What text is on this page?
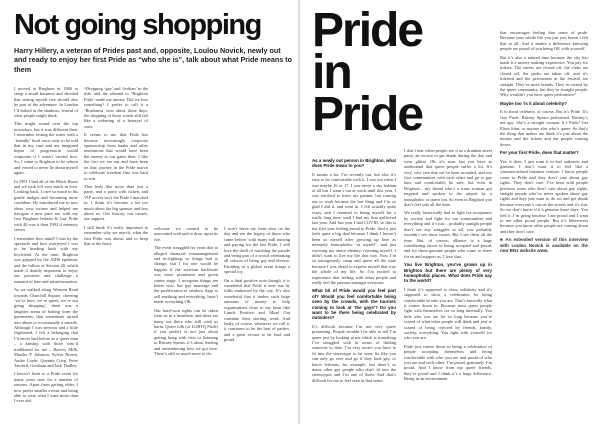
Not going shopping
Harry Hillery, a veteran of Prides past and, opposite, Loulou Novick, newly out and ready to enjoy her first Pride as “who she is”, talk about what Pride means to them

I moved to Brighton in 1986 to setup a small business and decided that setting myself free should also be part of the adventure. In London I’d lurked in the shadows, fearful of what people might think.

This might sound over the top nowadays, but it was different then. I remember testing the water with a ‘friendly’ local once; only to be told that in my case and my imagined hopes of progression would evaporate if I wasn’t careful first. So, I came to Brighton to be reborn and vowed to never lie about myself again.

In 1991 I had all of the Black Horse and we took left very much in love. Looking back, I owe so much to his gentle nudges and becoming more confident. He introduced me to new ideas, new writers and helped me navigate a new pace too with my first Brighton lesbian & Gay Pride with 40 was it then 1992 if memory serves.

I remember how mind! I was by the spectacle and how overjoyed I was to be heading back with my boyfriend. At the time, Brighton was gripped by the AIDS epidemic and the fallout of Section 28, which made it doubly important to enjoy our presence and challenge a tsunami of hate and misinformation.

As we walked along Western Road towards Churchill Square, cheering ‘we’re here, we’re queer, we’re not going shopping’, there was a laughter arena of baiting from the pavements, that sometimes turned into abuse or occasionally a missile. Although I was nervous and a little frightened, I felt a belonging that I’d never had before as a queer man – a kinship with those who’d trailblazed for me – Harvey Milk, Marsha P. Johnson, Sylvia Rivera, Audre Lorde, Quentin Crisp, Peter Tatchell, Gresham and Jack Dudley.

I haven’t been to a Pride event for many years now for a number of reasons. Apart from getting older, I now prefer smaller events and being able to wear what I want more than I ever did.

“Dropping ‘gay’ and ‘lesbian’ in the title, and the rebrand to ‘Brighton Pride’ made me uneasy. Did we lose something? I prefer to call it a ‘Brashness’ now about those days, the dropping of those words still felt like a widening of a betrayal of sorts.

It seems to me that Pride has become increasingly corporate sponsorship from banks and other institutions that would have been the enemy at our gates then. I like the fact we are out and have been on that journey in the Pride march to celebrate freedom that was hard to win.

That feels like more than just a party, and a party with tickets and VIP access isn’t the Pride I marched in. I think it’s become a bit too much about the big sponsor and less about us. Our history, our causes, our support.

I still think it’s really important to remember why we march, what the first Pride was about, and to keep that at the heart.

welcome we wanted to be associated with and to draw upon its fire.

The event struggled for years due to alleged financial mismanagement and in-fighting, so things had to change, but I for one would be happier if the activism backbone was more prominent and given centre stage. I recognise things are better now, but gay marriage and the proliferation of rainbow flags to sell anything and everything, hasn’t made everything OK.

Our hard-won rights can be taken from us in a heartbeat, and there are many out there who still wish us harm. Queer folk (or LGBTQ Pride) if you prefer) is not just about getting hung with fists or listening to Britney Spears, it’s about lending and remembering how we got here. There’s still so much more to do.

I won’t leave my front door on the day and see the legacy of those who came before, with many still nursing and paying for the last Pride. I still love the thrill of watching the parade and being part of a crowd celebrating all colours of being gay and diverse. Parading in a global event brings a special joy.

On a final positive note though, it is wonderful that Pride is now run by folks embraced by the city. It’s also wonderful that it makes such large amounts of money to help organisations close to my heart like Lunch Positive and Mind Out continue their sterling work. And lastly, of course, whenever we call it, it continues to be the best of parties, and a great excuse to be loud and proud.

Pride in Pride

As a newly out person in Brighton, what does Pride mean to you?

It means a lot. I’m recently out, but also it’s easy to be comfortable with it. I was out when I was maybe 16 or 17. I was never a shy lesbian at all but I wasn’t out at work until this year. I was terrified to leave my partner, but coming out to work became the last thing and I’m so glad I did it, and went in. I felt actually quite scary, and I resented to being myself for a really long time, until I had my first girlfriend last year. And last year I had COVID, so this is my first year feeling proud in Pride. And it just feels quite a big deal because I think I haven’t been so myself after growing up here as intensely homophobic ‘as myself’, and just rejecting my entire identity, rejecting myself. I didn’t want to live my life that way. Now I’m so outrageously camp and queer all the time because I was afraid to express myself that way the whole of my life. So I’m excited to experience that feeling with other people and really feel the passion amongst everyone.

What bit of Pride would you feel part of? Would you feel comfortable being seen by the crowds, with the tourists coming to look at ‘the gays’? Do you want to be there being celebrated by outsiders?

It’s difficult because I’m not very queer presenting. People wouldn’t be able to tell I’m queer just by looking at me which is something I’ve struggled with in terms of finding someone to date. I’m very aware you have to fit into the stereotype to be seen. So like you can only go over and go if they look gay, or butch lesbians, for example, but there’s so many other gay people who don’t fit into the stereotypes and I’m one of them. And that’s difficult for me to feel seen in that sense.

I don’t fear when people see it as a drunken street party, an excuse to get drunk during the day and wear glitter. Oh, it’s sure, but you have to understand that queer people suffer a lot. It’s very, very rare that we’ve been accepted, and our first communities with each other and go to gay bars and comfortably be safe, but even in Brighton... my friend who’s a trans woman got targeted and spoken to the airport by a transphobic or queer fan. So even in Brighton you don’t feel safe all the time.

We really historically had to fight for acceptance by society and fight for our communities and everything and it’s just... probably straight people don’t see any struggles at all, you probably wouldn’t see those issues. But I see them all the time. But, of course, alliance is a huge contributing factor to being accepted and proud, and for those genuine people who come to cheer for us and support us. I love that.

You live Brighton, you’ve grown up in Brighton but there are plenty of very homophobic places. What does Pride say to the world?

I think it’s supposed to show solidarity and it’s supposed to show a celebration for being comfortable in who you are. That’s basically what it comes down to. Because most queer people fight with themselves for so long internally. You hide who you are for so long because you’re scared of what other people will think and you’re scared of being rejected by friends, family, society, everything. You fight with yourself for who you are.

Pride just comes down to being a celebration of people accepting themselves and being comfortable with who you are and proud of who you are and each other. I’m proud, genuinely I’m proud. And I know from my queer friends, they’re proud and I think it’s a huge difference. Being in an environment

that encourages feeling that sense of pride. Because your whole life you just you haven’t felt that at all. And it makes a difference knowing people are proud of you being OK with yourself.

But it’s also a tainted time because the city has made it a money making experience. You pay for tickets. The streets are closed off, the clubs are closed off, the parks are taken off, and it’s ticketed and the performers at the festival are straight. They’re more brands. They’re owned by the queer community, but they’re straight people. Why wouldn’t you have queer performers?

Maybe too ‘is it about celebrity?

It is about celebrity, of course. But it’s Pride. It’s Gay Pride. Britney Spears performed. Britney’s not gay. She’s a straight woman. It’s Pride! Get Elton John, or anyone else who’s queer. So that’s the thing that makes me think it’s just about the money and the tickets and the people coming down.

For your first Pride, does that matter?

Yes, it does. I just want it to feel authentic and genuine. I don’t want it to feel like a commercialised business venture. I know people come to Pride and they don’t care about gay rights. They don’t care. I’ve been with people previous years who don’t care about gay rights, straight people who’ve never spoken about gay rights and they just want to do act and get drunk because everyone’s out on the streets and it’s fun. So we don’t know if it’s genuine these days. You feel it. I’m going because I am proud and I want to see other proud people. But it’s bittersweet because you know other people are coming down and they don’t care.

■ An extended version of this interview with Loulou Novick is available on the new BN1 website www.
